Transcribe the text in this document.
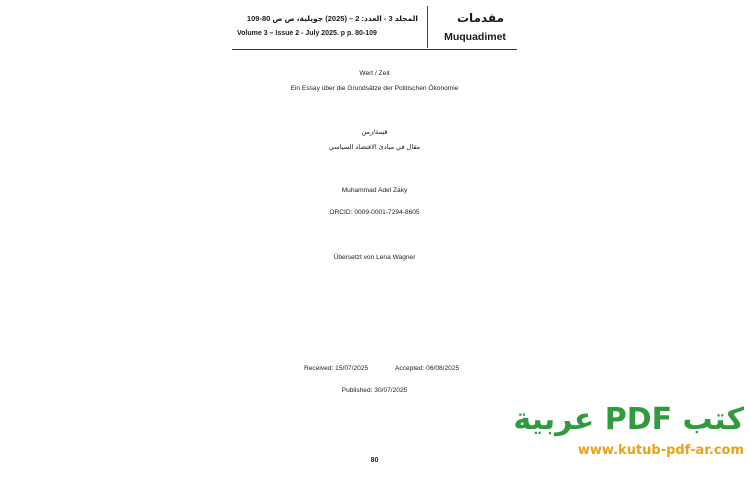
المجلد 3 - العدد: 2 – (2025) جويلية، ص ص 80-109
Volume 3 – Issue 2 - July 2025. p p. 80-109
مقدمات
Muquadimet
Wert / Zeit
Ein Essay über die Grundsätze der Politischen Ökonomie
قيمة/زمن
مقال في مبادئ الاقتصاد السياسي
Muhammad Adel Zaky
ORCID: 0009-0001-7294-8605
Übersetzt von Lena Wagner
Received: 15/07/2025	Accepted: 06/08/2025
Published: 30/07/2025
80
كتب PDF عربية
www.kutub-pdf-ar.com
